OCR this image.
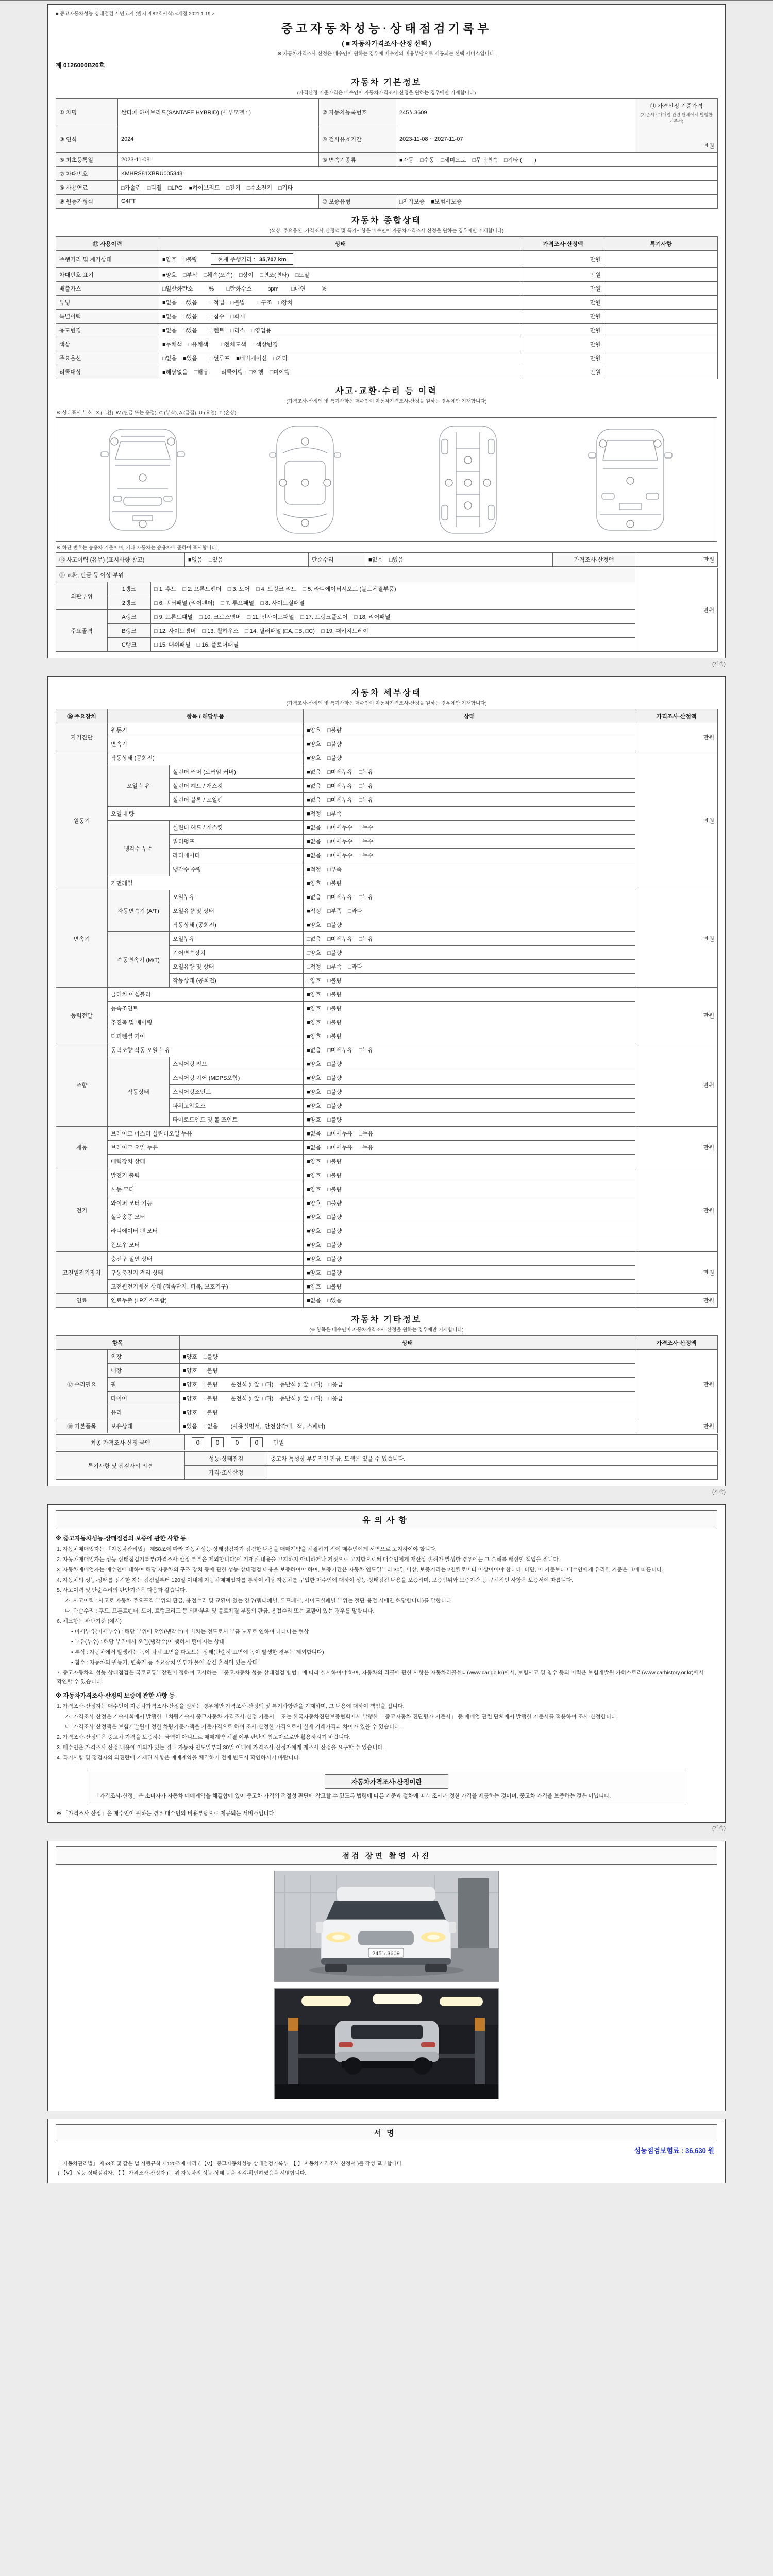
■ 중고자동차성능·상태점검 서면고지 (별지 제82호서식) <개정 2021.1.19.>
중고자동차성능·상태점검기록부
( ■ 자동차가격조사·산정 선택 )
※ 자동차가격조사·산정은 매수인이 원하는 경우에 매수인의 비용부담으로 제공되는 선택 서비스입니다.
제 0126000B26호
자동차 기본정보
(가격산정 기준가격은 매수인이 자동차가격조사·산정을 원하는 경우에만 기재합니다)
① 차명	싼타페 하이브리드(SANTAFE HYBRID) (세부모델 : )	② 자동차등록번호	245노3609	⑪ 가격산정 기준가격
(기준서 : 매매업 관련 단체에서 발행한 기준서)
만원

③ 연식	2024	④ 검사유효기간	2023-11-08 ~ 2027-11-07	
⑤ 최초등록일	2023-11-08	⑥ 변속기종류	■자동    □수동    □세미오토    □무단변속    □기타 (        )	
⑦ 차대번호	KMHRS81XBRU005348			
⑧ 사용연료	□가솔린    □디젤    □LPG    ■하이브리드    □전기    □수소전기    □기타			
⑨ 원동기형식	G4FT	⑩ 보증유형	□자가보증    ■보험사보증	
자동차 종합상태
(색상, 주요옵션, 가격조사·산정액 및 특기사항은 매수인이 자동차가격조사·산정을 원하는 경우에만 기재합니다)
⑫ 사용이력	상태	가격조사·산정액	특기사항
주행거리 및 계기상태	■양호    □불량 현재 주행거리 : 35,707 km	만원	
차대번호 표기	■양호    □부식    □훼손(오손)    □상이    □변조(변타)    □도말	만원	
배출가스	□일산화탄소          %        □탄화수소          ppm        □매연          %	만원	
튜닝	■없음    □있음        □적법    □불법        □구조    □장치	만원	
특별이력	■없음    □있음        □침수    □화재	만원	
용도변경	■없음    □있음        □렌트    □리스    □영업용	만원	
색상	■무채색    □유채색        □전체도색    □색상변경	만원	
주요옵션	□없음    ■있음        □썬루프    ■네비게이션    □기타	만원	
리콜대상	■해당없음    □해당        리콜이행 :  □이행    □미이행	만원	
사고·교환·수리 등 이력
(가격조사·산정액 및 특기사항은 매수인이 자동차가격조사·산정을 원하는 경우에만 기재합니다)
※ 상태표시 부호 : X (교환), W (판금 또는 용접), C (부식), A (흠집), U (요철), T (손상)
※ 하단 번호는 승용차 기준이며, 기타 자동차는 승용차에 준하여 표시합니다.
⑬ 사고이력 (유무) (표시사항 참고)	■없음    □있음	단순수리	■없음    □있음	가격조사·산정액	만원
⑭ 교환, 판금 등 이상 부위 :			만원
외판부위	1랭크	□ 1. 후드    □ 2. 프론트펜더    □ 3. 도어    □ 4. 트렁크 리드    □ 5. 라디에이터서포트 (볼트체결부품)	
	2랭크	□ 6. 쿼터패널 (리어펜더)    □ 7. 루프패널    □ 8. 사이드실패널	
주요골격	A랭크	□ 9. 프론트패널    □ 10. 크로스멤버    □ 11. 인사이드패널    □ 17. 트렁크플로어    □ 18. 리어패널	
	B랭크	□ 12. 사이드멤버    □ 13. 휠하우스    □ 14. 필러패널 (□A, □B, □C)    □ 19. 패키지트레이	
	C랭크	□ 15. 대쉬패널    □ 16. 플로어패널	
(계속)
자동차 세부상태
(가격조사·산정액 및 특기사항은 매수인이 자동차가격조사·산정을 원하는 경우에만 기재합니다)
⑯ 주요장치	항목 / 해당부품		상태	가격조사·산정액
자기진단	원동기		■양호    □불량	만원
	변속기		■양호    □불량	
원동기	작동상태 (공회전)		■양호    □불량	만원
	오일 누유	실린더 커버 (로커암 커버)	■없음    □미세누유    □누유	
		실린더 헤드 / 개스킷	■없음    □미세누유    □누유	
		실린더 블록 / 오일팬	■없음    □미세누유    □누유	
	오일 유량		■적정    □부족	
	냉각수 누수	실린더 헤드 / 개스킷	■없음    □미세누수    □누수	
		워터펌프	■없음    □미세누수    □누수	
		라디에이터	■없음    □미세누수    □누수	
		냉각수 수량	■적정    □부족	
	커먼레일		■양호    □불량	
변속기	자동변속기 (A/T)	오일누유	■없음    □미세누유    □누유	만원
		오일유량 및 상태	■적정    □부족    □과다	
		작동상태 (공회전)	■양호    □불량	
	수동변속기 (M/T)	오일누유	□없음    □미세누유    □누유	
		기어변속장치	□양호    □불량	
		오일유량 및 상태	□적정    □부족    □과다	
		작동상태 (공회전)	□양호    □불량	
동력전달	클러치 어셈블리		■양호    □불량	만원
	등속조인트		■양호    □불량	
	추진축 및 베어링		■양호    □불량	
	디퍼렌셜 기어		■양호    □불량	
조향	동력조향 작동 오일 누유		■없음    □미세누유    □누유	만원
	작동상태	스티어링 펌프	■양호    □불량	
		스티어링 기어 (MDPS포함)	■양호    □불량	
		스티어링조인트	■양호    □불량	
		파워고압호스	■양호    □불량	
		타이로드엔드 및 볼 조인트	■양호    □불량	
제동	브레이크 마스터 실린더오일 누유		■없음    □미세누유    □누유	만원
	브레이크 오일 누유		■없음    □미세누유    □누유	
	배력장치 상태		■양호    □불량	
전기	발전기 출력		■양호    □불량	만원
	시동 모터		■양호    □불량	
	와이퍼 모터 기능		■양호    □불량	
	실내송풍 모터		■양호    □불량	
	라디에이터 팬 모터		■양호    □불량	
	윈도우 모터		■양호    □불량	
고전원전기장치	충전구 절연 상태		■양호    □불량	만원
	구동축전지 격리 상태		■양호    □불량	
	고전원전기배선 상태 (접속단자, 피복, 보호기구)		■양호    □불량	
연료	연료누출 (LP가스포함)		■없음    □있음	만원
자동차 기타정보
(※ 항목은 매수인이 자동차가격조사·산정을 원하는 경우에만 기재합니다)
항목		상태	가격조사·산정액
⑰ 수리필요	외장	■양호    □불량	만원
	내장	■양호    □불량	
	휠	■양호    □불량        운전석 (□앞  □뒤)    동반석 (□앞  □뒤)    □응급	
	타이어	■양호    □불량        운전석 (□앞  □뒤)    동반석 (□앞  □뒤)    □응급	
	유리	■양호    □불량	
⑱ 기본품목	보유상태	■있음    □없음        (사용설명서,  안전삼각대,  잭,  스패너)	만원
최종 가격조사·산정 금액	0	0	0	0	만원
특기사항 및 점검자의 의견	성능·상태점검	중고차 특성상 부분적인 판금, 도색은 있을 수 있습니다.
	가격·조사산정	
(계속)
유의사항
※ 중고자동차성능·상태점검의 보증에 관한 사항 등
1. 자동차매매업자는 「자동차관리법」 제58조에 따라 자동차성능·상태점검자가 점검한 내용을 매매계약을 체결하기 전에 매수인에게 서면으로 고지하여야 합니다.
2. 자동차매매업자는 성능·상태점검기록부(가격조사·산정 부분은 제외합니다)에 기재된 내용을 고지하지 아니하거나 거짓으로 고지함으로써 매수인에게 재산상 손해가 발생한 경우에는 그 손해를 배상할 책임을 집니다.
3. 자동차매매업자는 매수인에 대하여 해당 자동차의 구조·장치 등에 관한 성능·상태점검 내용을 보증하여야 하며, 보증기간은 자동차 인도일부터 30일 이상, 보증거리는 2천킬로미터 이상이어야 합니다. 다만, 이 기준보다 매수인에게 유리한 기준은 그에 따릅니다.
4. 자동차의 성능·상태를 점검한 자는 점검일부터 120일 이내에 자동차매매업자를 통하여 해당 자동차를 구입한 매수인에 대하여 성능·상태점검 내용을 보증하며, 보증범위와 보증기간 등 구체적인 사항은 보증서에 따릅니다.
5. 사고이력 및 단순수리의 판단기준은 다음과 같습니다.
가. 사고이력 : 사고로 자동차 주요골격 부위의 판금, 용접수리 및 교환이 있는 경우(쿼터패널, 루프패널, 사이드실패널 부위는 절단·용접 시에만 해당합니다)를 말합니다.
나. 단순수리 : 후드, 프론트펜더, 도어, 트렁크리드 등 외판부위 및 볼트체결 부품의 판금, 용접수리 또는 교환이 있는 경우를 말합니다.
6. 체크항목 판단기준 (예시)
• 미세누유(미세누수) : 해당 부위에 오일(냉각수)이 비치는 정도로서 부품 노후로 인하여 나타나는 현상
• 누유(누수) : 해당 부위에서 오일(냉각수)이 맺혀서 떨어지는 상태
• 부식 : 자동차에서 발생하는 녹이 차체 표면을 파고드는 상태(단순히 표면에 녹이 발생한 경우는 제외합니다)
• 침수 : 자동차의 원동기, 변속기 등 주요장치 일부가 물에 잠긴 흔적이 있는 상태
7. 중고자동차의 성능·상태점검은 국토교통부장관이 정하여 고시하는 「중고자동차 성능·상태점검 방법」에 따라 실시하여야 하며, 자동차의 리콜에 관한 사항은 자동차리콜센터(www.car.go.kr)에서, 보험사고 및 침수 등의 이력은 보험개발원 카히스토리(www.carhistory.or.kr)에서 확인할 수 있습니다.
※ 자동차가격조사·산정의 보증에 관한 사항 등
1. 가격조사·산정자는 매수인이 자동차가격조사·산정을 원하는 경우에만 가격조사·산정액 및 특기사항란을 기재하며, 그 내용에 대하여 책임을 집니다.
가. 가격조사·산정은 기술사회에서 발행한 「차량기술사 중고자동차 가격조사·산정 기준서」 또는 한국자동차진단보증협회에서 발행한 「중고자동차 진단평가 기준서」 등 매매업 관련 단체에서 발행한 기준서를 적용하여 조사·산정합니다.
나. 가격조사·산정액은 보험개발원이 정한 차량기준가액을 기준가격으로 하여 조사·산정한 가격으로서 실제 거래가격과 차이가 있을 수 있습니다.
2. 가격조사·산정액은 중고차 가격을 보증하는 금액이 아니므로 매매계약 체결 여부 판단의 참고자료로만 활용하시기 바랍니다.
3. 매수인은 가격조사·산정 내용에 이의가 있는 경우 자동차 인도일부터 30일 이내에 가격조사·산정자에게 재조사·산정을 요구할 수 있습니다.
4. 특기사항 및 점검자의 의견란에 기재된 사항은 매매계약을 체결하기 전에 반드시 확인하시기 바랍니다.
자동차가격조사·산정이란
「가격조사·산정」은 소비자가 자동차 매매계약을 체결함에 있어 중고차 가격의 적절성 판단에 참고할 수 있도록 법령에 따른 기준과 절차에 따라 조사·산정한 가격을 제공하는 것이며, 중고차 가격을 보증하는 것은 아닙니다.
※ 「가격조사·산정」은 매수인이 원하는 경우 매수인의 비용부담으로 제공되는 서비스입니다.
(계속)
점검 장면 촬영 사진
245노3609
서명
성능점검보험료 : 36,630 원
「자동차관리법」 제58조 및 같은 법 시행규칙 제120조에 따라 ( 【V】 중고자동차성능·상태점검기록부, 【 】 자동차가격조사·산정서 )를 작성·교부합니다.
( 【V】 성능·상태점검자, 【 】 가격조사·산정자 )는 위 자동차의 성능·상태 등을 점검·확인하였음을 서명합니다.
